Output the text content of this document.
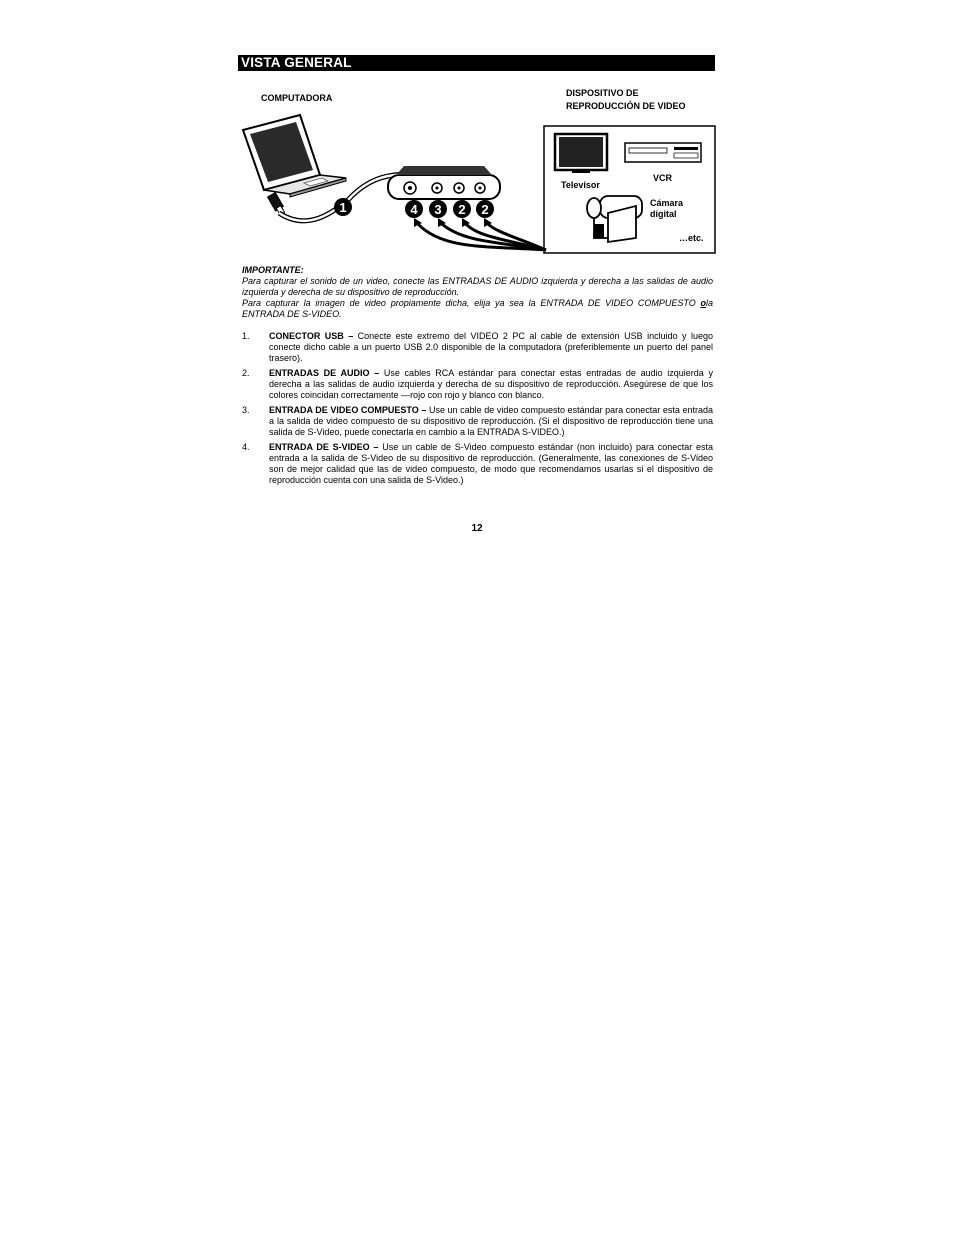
VISTA GENERAL
1	4 3 2 2
COMPUTADORA	DISPOSITIVO DE
REPRODUCCIÓN DE VIDEO
Televisor
VCR
Cámara
digital
…etc.

IMPORTANTE:

Para capturar el sonido de un video, conecte las ENTRADAS DE AUDIO izquierda y derecha a las salidas de audio izquierda y derecha de su dispositivo de reproducción.

Para capturar la imagen de video propiamente dicha, elija ya sea la ENTRADA DE VIDEO COMPUESTO ola ENTRADA DE S-VIDEO.

1. CONECTOR USB – Conecte este extremo del VIDEO 2 PC al cable de extensión USB incluido y luego conecte dicho cable a un puerto USB 2.0 disponible de la computadora (preferiblemente un puerto del panel trasero).
2. ENTRADAS DE AUDIO – Use cables RCA estándar para conectar estas entradas de audio izquierda y derecha a las salidas de audio izquierda y derecha de su dispositivo de reproducción. Asegúrese de que los colores coincidan correctamente —rojo con rojo y blanco con blanco.
3. ENTRADA DE VIDEO COMPUESTO – Use un cable de video compuesto estándar para conectar esta entrada a la salida de video compuesto de su dispositivo de reproducción. (Si el dispositivo de reproducción tiene una salida de S-Video, puede conectarla en cambio a la ENTRADA S-VIDEO.)
4. ENTRADA DE S-VIDEO – Use un cable de S-Video compuesto estándar (non incluido) para conectar esta entrada a la salida de S-Video de su dispositivo de reproducción. (Generalmente, las conexiones de S-Video son de mejor calidad que las de video compuesto, de modo que recomendamos usarlas si el dispositivo de reproducción cuenta con una salida de S-Video.)
12
